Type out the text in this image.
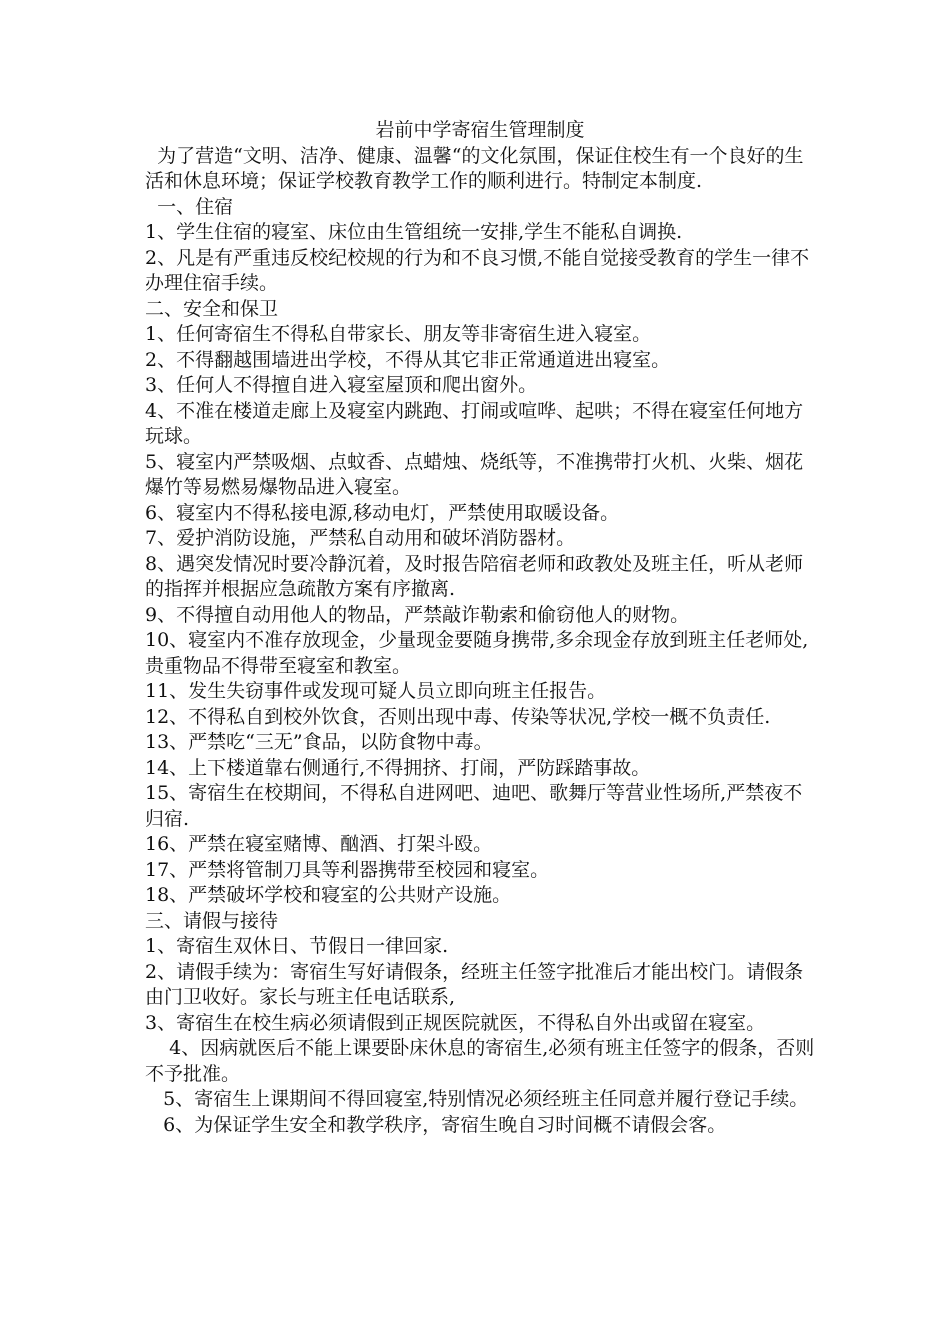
岩前中学寄宿生管理制度

为了营造“文明、洁净、健康、温馨“的文化氛围，保证住校生有一个良好的生活和休息环境；保证学校教育教学工作的顺利进行。特制定本制度.

一、住宿

1、学生住宿的寝室、床位由生管组统一安排,学生不能私自调换.

2、凡是有严重违反校纪校规的行为和不良习惯,不能自觉接受教育的学生一律不办理住宿手续。

二、安全和保卫

1、任何寄宿生不得私自带家长、朋友等非寄宿生进入寝室。

2、不得翻越围墙进出学校，不得从其它非正常通道进出寝室。

3、任何人不得擅自进入寝室屋顶和爬出窗外。

4、不准在楼道走廊上及寝室内跳跑、打闹或喧哗、起哄；不得在寝室任何地方玩球。

5、寝室内严禁吸烟、点蚊香、点蜡烛、烧纸等，不准携带打火机、火柴、烟花爆竹等易燃易爆物品进入寝室。

6、寝室内不得私接电源,移动电灯，严禁使用取暖设备。

7、爱护消防设施，严禁私自动用和破坏消防器材。

8、遇突发情况时要冷静沉着，及时报告陪宿老师和政教处及班主任，听从老师的指挥并根据应急疏散方案有序撤离.

9、不得擅自动用他人的物品，严禁敲诈勒索和偷窃他人的财物。

10、寝室内不准存放现金，少量现金要随身携带,多余现金存放到班主任老师处,贵重物品不得带至寝室和教室。

11、发生失窃事件或发现可疑人员立即向班主任报告。

12、不得私自到校外饮食，否则出现中毒、传染等状况,学校一概不负责任.

13、严禁吃“三无”食品，以防食物中毒。

14、上下楼道靠右侧通行,不得拥挤、打闹，严防踩踏事故。

15、寄宿生在校期间，不得私自进网吧、迪吧、歌舞厅等营业性场所,严禁夜不归宿.

16、严禁在寝室赌博、酗酒、打架斗殴。

17、严禁将管制刀具等利器携带至校园和寝室。

18、严禁破坏学校和寝室的公共财产设施。

三、请假与接待

1、寄宿生双休日、节假日一律回家.

2、请假手续为：寄宿生写好请假条，经班主任签字批准后才能出校门。请假条由门卫收好。家长与班主任电话联系,

3、寄宿生在校生病必须请假到正规医院就医，不得私自外出或留在寝室。

4、因病就医后不能上课要卧床休息的寄宿生,必须有班主任签字的假条，否则不予批准。

5、寄宿生上课期间不得回寝室,特别情况必须经班主任同意并履行登记手续。

6、为保证学生安全和教学秩序，寄宿生晚自习时间概不请假会客。
